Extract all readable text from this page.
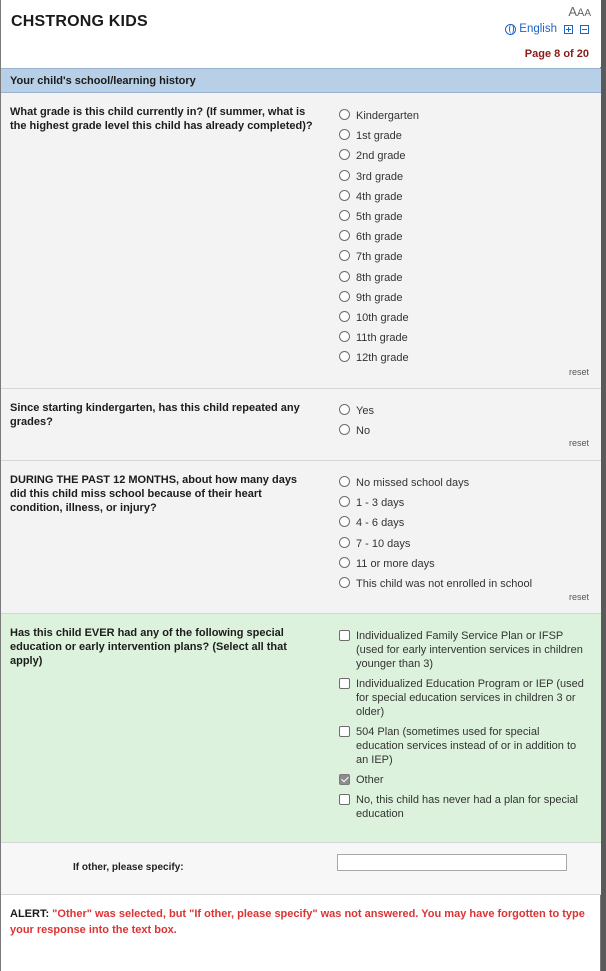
CHSTRONG KIDS
AAA
English
Page 8 of 20
Your child's school/learning history
What grade is this child currently in? (If summer, what is the highest grade level this child has already completed)?
Kindergarten
1st grade
2nd grade
3rd grade
4th grade
5th grade
6th grade
7th grade
8th grade
9th grade
10th grade
11th grade
12th grade
reset
Since starting kindergarten, has this child repeated any grades?
Yes
No
reset
DURING THE PAST 12 MONTHS, about how many days did this child miss school because of their heart condition, illness, or injury?
No missed school days
1 - 3 days
4 - 6 days
7 - 10 days
11 or more days
This child was not enrolled in school
reset
Has this child EVER had any of the following special education or early intervention plans? (Select all that apply)
Individualized Family Service Plan or IFSP (used for early intervention services in children younger than 3)
Individualized Education Program or IEP (used for special education services in children 3 or older)
504 Plan (sometimes used for special education services instead of or in addition to an IEP)
Other
No, this child has never had a plan for special education
If other, please specify:
ALERT: "Other" was selected, but "If other, please specify" was not answered. You may have forgotten to type your response into the text box.
